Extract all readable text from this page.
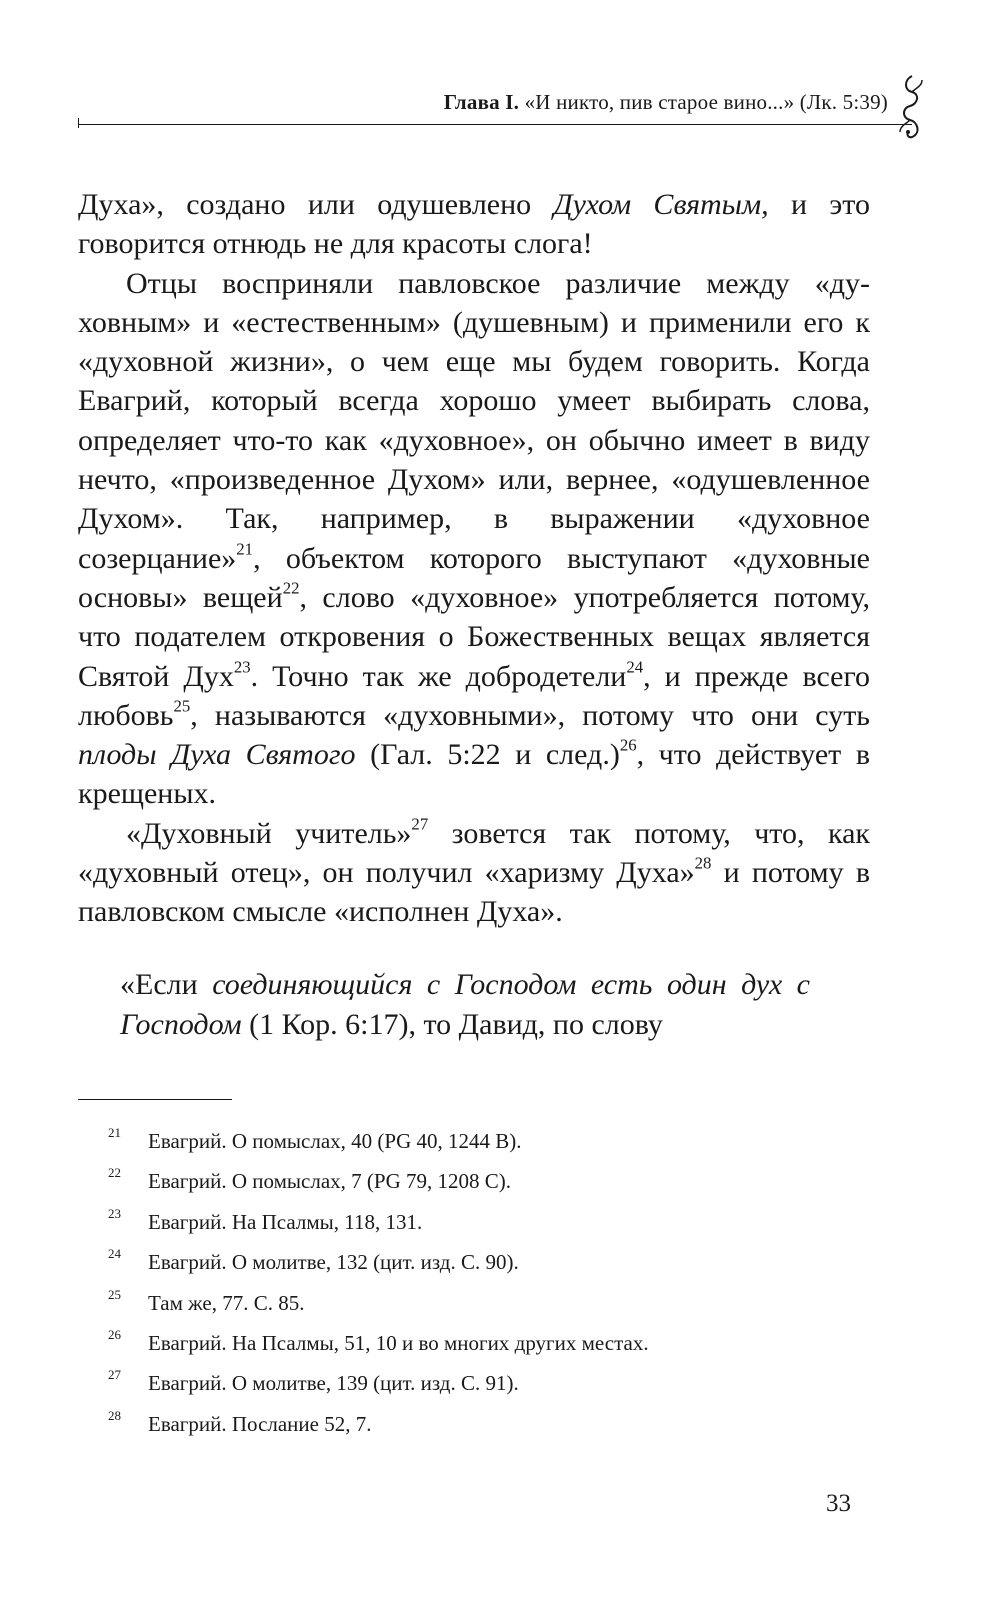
Глава I. «И никто, пив старое вино...» (Лк. 5:39)

Духа», создано или одушевлено Духом Святым, и это говорится отнюдь не для красоты слога!

Отцы восприняли павловское различие между «духовным» и «естественным» (душевным) и применили его к «духовной жизни», о чем еще мы будем говорить. Когда Евагрий, который всегда хорошо умеет выбирать слова, определяет что-то как «духовное», он обычно имеет в виду нечто, «произведенное Духом» или, вернее, «одушевленное Духом». Так, например, в выражении «духовное созерцание»$^{21}$, объектом которого выступают «духовные основы» вещей$^{22}$, слово «духовное» употребляется потому, что подателем откровения о Божественных вещах является Святой Дух$^{23}$. Точно так же добродетели$^{24}$, и прежде всего любовь$^{25}$, называются «духовными», потому что они суть плоды Духа Святого (Гал. 5:22 и след.)$^{26}$, что действует в крещеных.

«Духовный учитель»$^{27}$ зовется так потому, что, как «духовный отец», он получил «харизму Духа»$^{28}$ и потому в павловском смысле «исполнен Духа».

«Если соединяющийся с Господом есть один дух с Господом (1 Кор. 6:17), то Давид, по слову

21	Евагрий. О помыслах, 40 (PG 40, 1244 B).
22	Евагрий. О помыслах, 7 (PG 79, 1208 C).
23	Евагрий. На Псалмы, 118, 131.
24	Евагрий. О молитве, 132 (цит. изд. С. 90).
25	Там же, 77. С. 85.
26	Евагрий. На Псалмы, 51, 10 и во многих других местах.
27	Евагрий. О молитве, 139 (цит. изд. С. 91).
28	Евагрий. Послание 52, 7.
33
